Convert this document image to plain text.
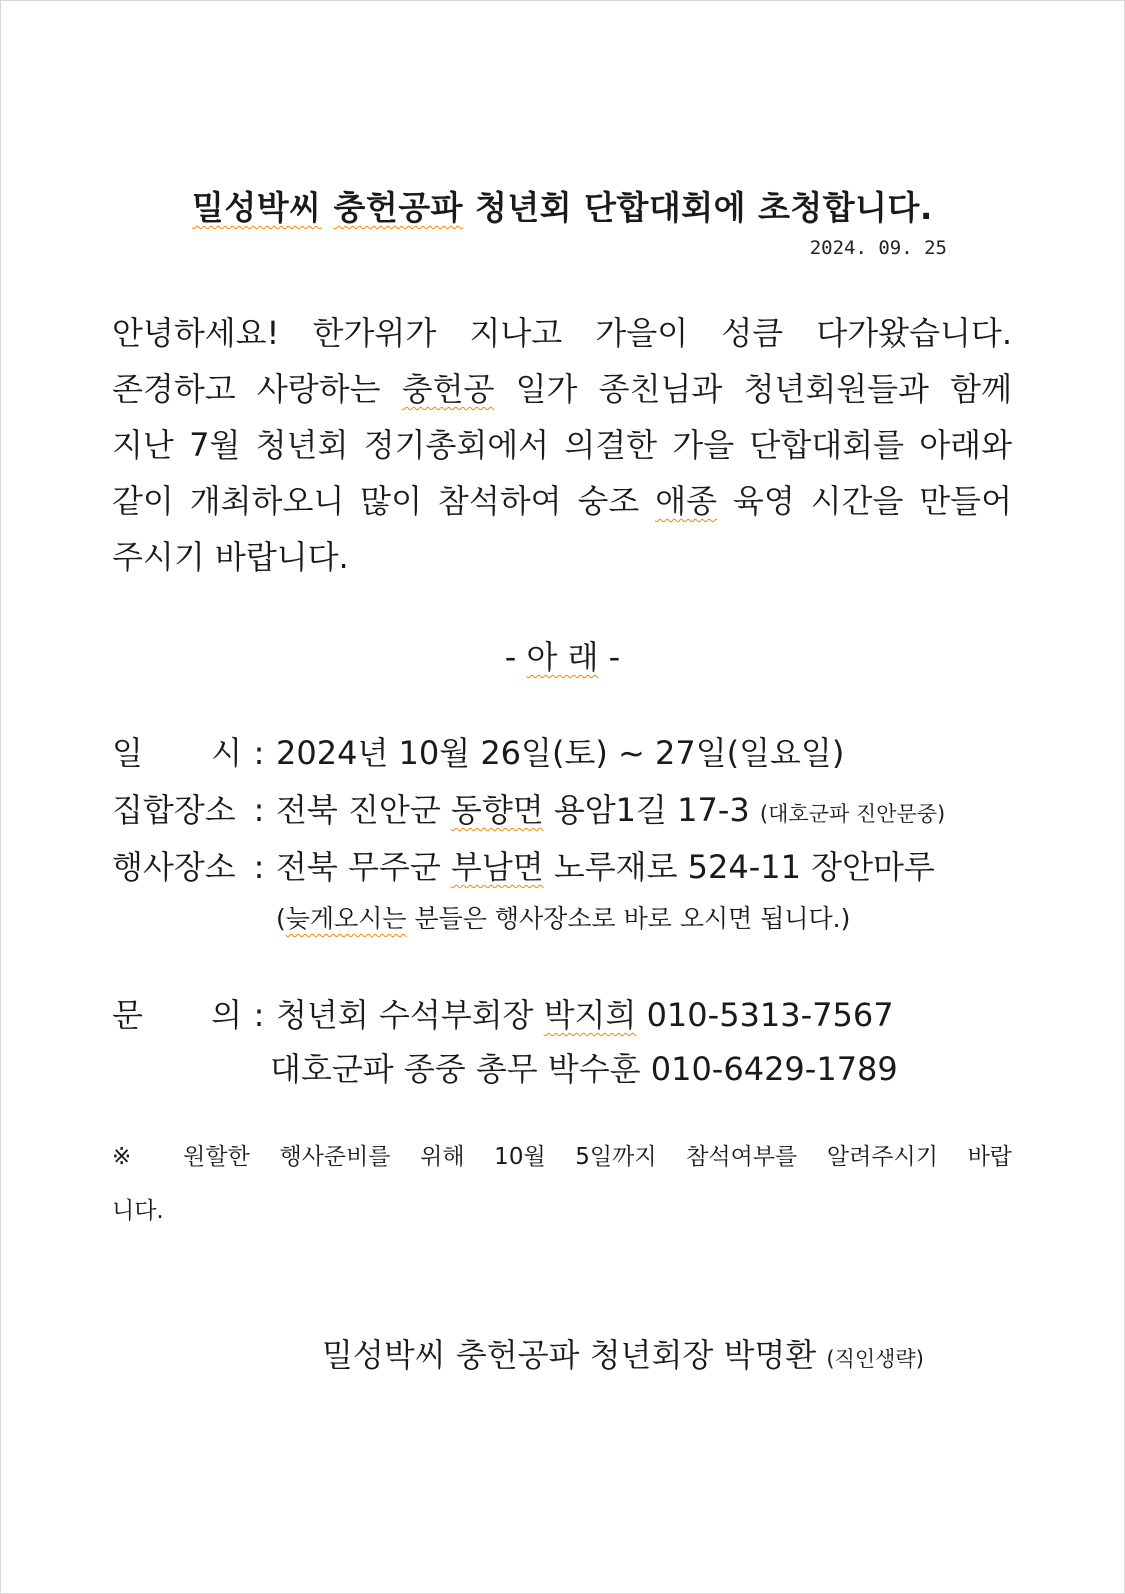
밀성박씨 충헌공파 청년회 단합대회에 초청합니다.
2024. 09. 25
안녕하세요! 한가위가 지나고 가을이 성큼 다가왔습니다.
존경하고 사랑하는 충헌공 일가 종친님과 청년회원들과 함께
지난 7월 청년회 정기총회에서 의결한 가을 단합대회를 아래와
같이 개최하오니 많이 참석하여 숭조 애종 육영 시간을 만들어
주시기 바랍니다.
- 아 래 -
일 시 : 2024년 10월 26일(토) ~ 27일(일요일)
집합장소 : 전북 진안군 동향면 용암1길 17-3 (대호군파 진안문중)
행사장소 : 전북 무주군 부남면 노루재로 524-11 장안마루
(늦게오시는 분들은 행사장소로 바로 오시면 됩니다.)
문 의 : 청년회 수석부회장 박지희 010-5313-7567
대호군파 종중 총무 박수훈 010-6429-1789
※ 원할한 행사준비를 위해 10월 5일까지 참석여부를 알려주시기 바랍
니다.
밀성박씨 충헌공파 청년회장 박명환 (직인생략)
